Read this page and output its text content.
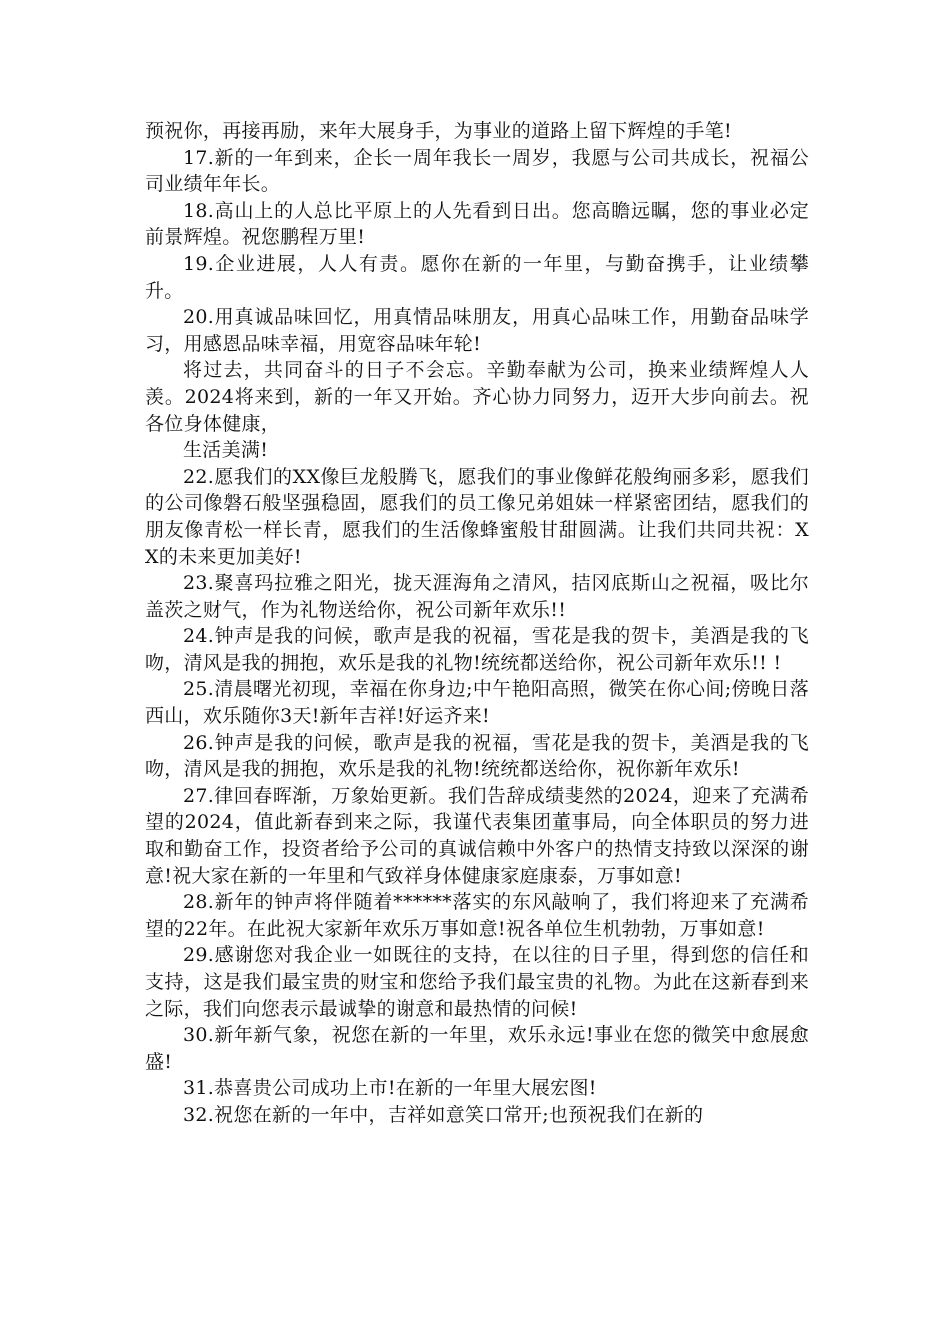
预祝你，再接再励，来年大展身手，为事业的道路上留下辉煌的手笔!

17.新的一年到来，企长一周年我长一周岁，我愿与公司共成长，祝福公司业绩年年长。

18.高山上的人总比平原上的人先看到日出。您高瞻远瞩，您的事业必定前景辉煌。祝您鹏程万里!

19.企业进展，人人有责。愿你在新的一年里，与勤奋携手，让业绩攀升。

20.用真诚品味回忆，用真情品味朋友，用真心品味工作，用勤奋品味学习，用感恩品味幸福，用宽容品味年轮!

将过去，共同奋斗的日子不会忘。辛勤奉献为公司，换来业绩辉煌人人羡。2024将来到，新的一年又开始。齐心协力同努力，迈开大步向前去。祝各位身体健康，

生活美满!

22.愿我们的XX像巨龙般腾飞，愿我们的事业像鲜花般绚丽多彩，愿我们的公司像磐石般坚强稳固，愿我们的员工像兄弟姐妹一样紧密团结，愿我们的朋友像青松一样长青，愿我们的生活像蜂蜜般甘甜圆满。让我们共同共祝：XX的未来更加美好!

23.聚喜玛拉雅之阳光，拢天涯海角之清风，拮冈底斯山之祝福，吸比尔盖茨之财气，作为礼物送给你，祝公司新年欢乐!!

24.钟声是我的问候，歌声是我的祝福，雪花是我的贺卡，美酒是我的飞吻，清风是我的拥抱，欢乐是我的礼物!统统都送给你，祝公司新年欢乐!! !

25.清晨曙光初现，幸福在你身边;中午艳阳高照，微笑在你心间;傍晚日落西山，欢乐随你3天!新年吉祥!好运齐来!

26.钟声是我的问候，歌声是我的祝福，雪花是我的贺卡，美酒是我的飞吻，清风是我的拥抱，欢乐是我的礼物!统统都送给你，祝你新年欢乐!

27.律回春晖渐，万象始更新。我们告辞成绩斐然的2024，迎来了充满希望的2024，值此新春到来之际，我谨代表集团董事局，向全体职员的努力进取和勤奋工作，投资者给予公司的真诚信赖中外客户的热情支持致以深深的谢意!祝大家在新的一年里和气致祥身体健康家庭康泰，万事如意!

28.新年的钟声将伴随着******落实的东风敲响了，我们将迎来了充满希望的22年。在此祝大家新年欢乐万事如意!祝各单位生机勃勃，万事如意!

29.感谢您对我企业一如既往的支持，在以往的日子里，得到您的信任和支持，这是我们最宝贵的财宝和您给予我们最宝贵的礼物。为此在这新春到来之际，我们向您表示最诚挚的谢意和最热情的问候!

30.新年新气象，祝您在新的一年里，欢乐永远!事业在您的微笑中愈展愈盛!

31.恭喜贵公司成功上市!在新的一年里大展宏图!

32.祝您在新的一年中，吉祥如意笑口常开;也预祝我们在新的
